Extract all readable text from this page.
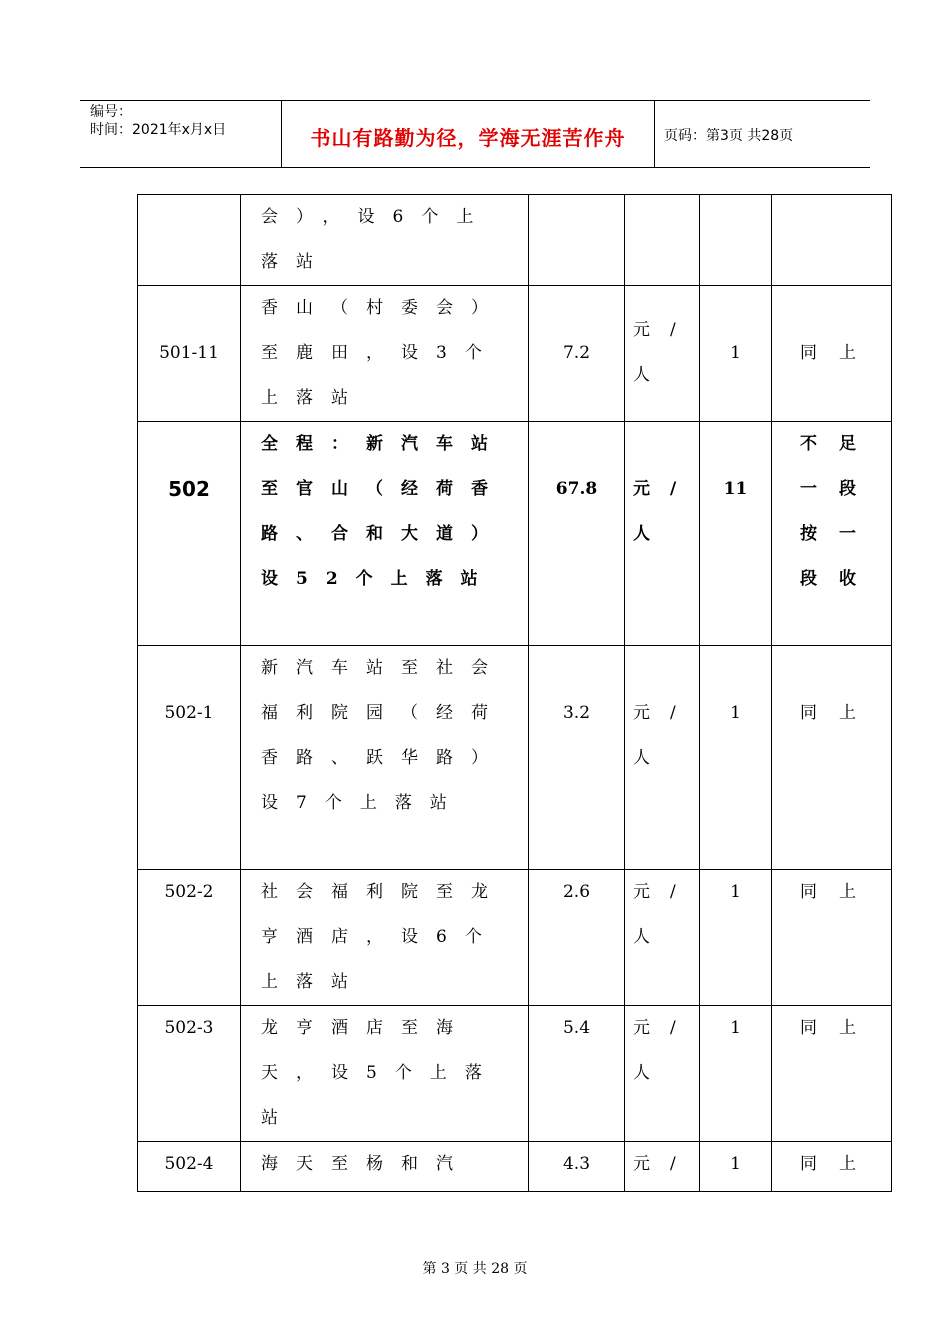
编号：
时间：2021年x月x日	书山有路勤为径，学海无涯苦作舟	页码：第3页 共28页
	会），设6个上落站	

501-11	香山（村委会）至鹿田，设3个上落站	7.2	元/人	1	同上

502	全程：新汽车站至官山（经荷香路、合和大道）设52个上落站	67.8	元/人	11	不足一段按一段收

502-1	新汽车站至社会福利院园（经荷香路、跃华路）设7个上落站	3.2	元/人	1	同上

502-2	社会福利院至龙亨酒店，设6个上落站	2.6	元/人	1	同上

502-3	龙亨酒店至海天，设5个上落站	5.4	元/人	1	同上

502-4	海天至杨和汽	4.3	元/	1	同上
第 3 页 共 28 页
